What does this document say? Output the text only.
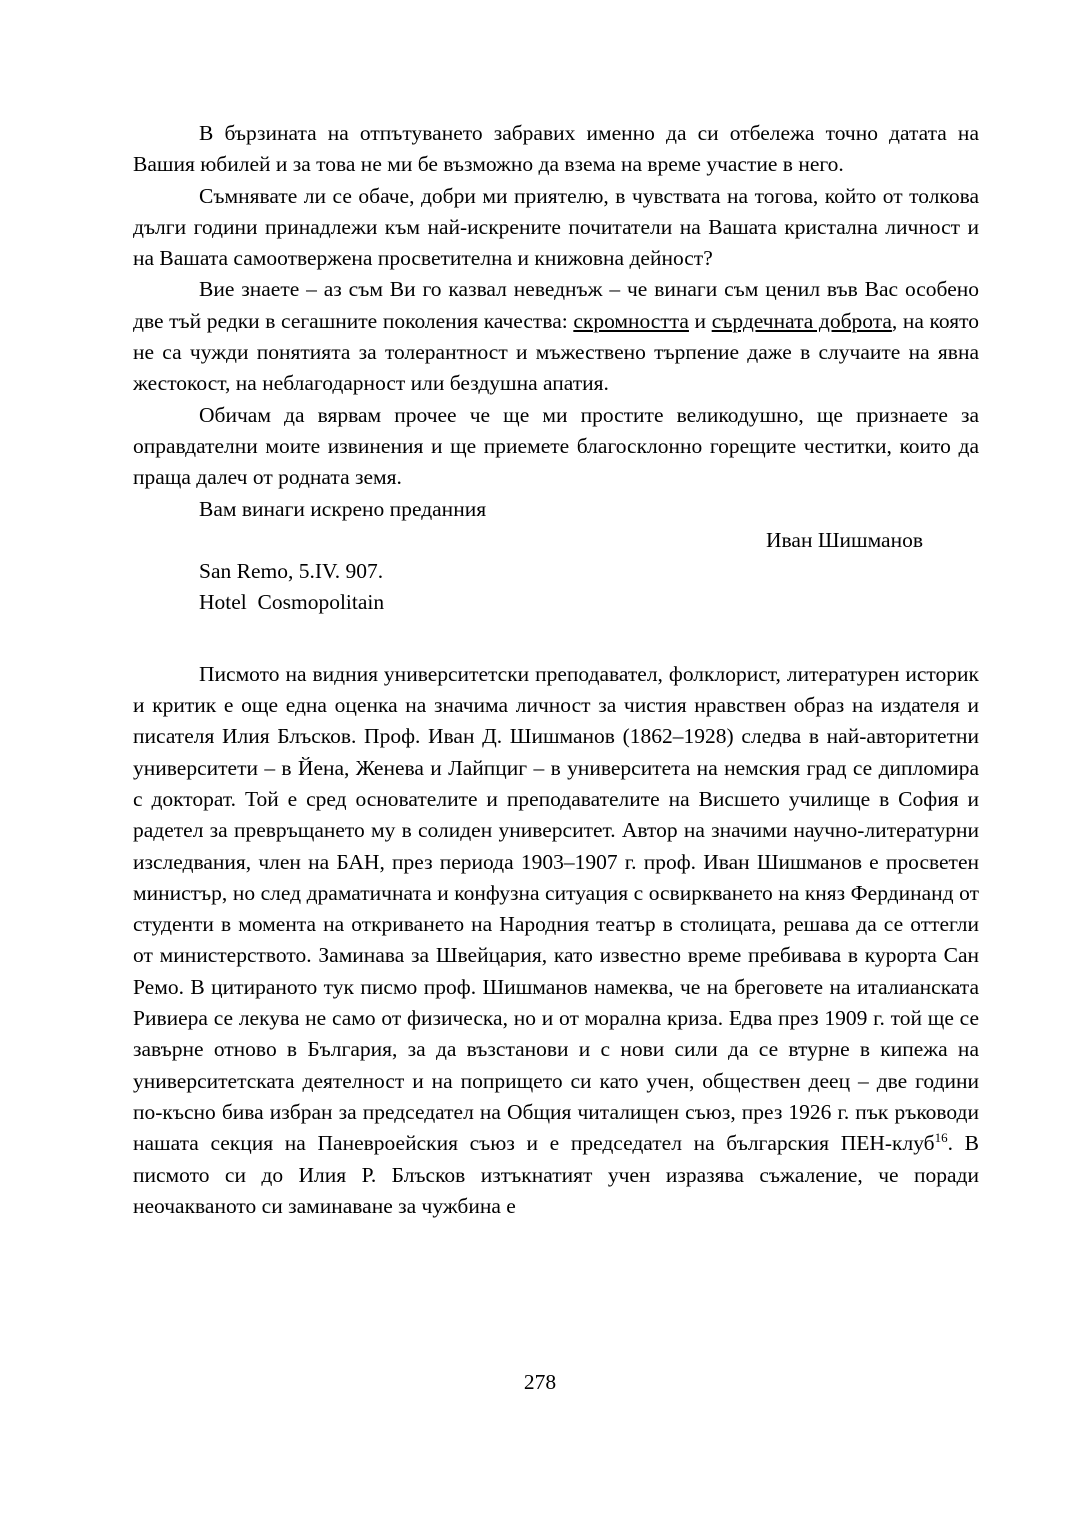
В бързината на отпътуването забравих именно да си отбележа точно датата на Вашия юбилей и за това не ми бе възможно да взема на време участие в него.

Съмнявате ли се обаче, добри ми приятелю, в чувствата на тогова, който от толкова дълги години принадлежи към най-искрените почитатели на Вашата кристална личност и на Вашата самоотвержена просветителна и книжовна дейност?

Вие знаете – аз съм Ви го казвал неведнъж – че винаги съм ценил във Вас особено две тъй редки в сегашните поколения качества: скромността и сърдечната доброта, на която не са чужди понятията за толерантност и мъжествено търпение даже в случаите на явна жестокост, на неблагодарност или бездушна апатия.

Обичам да вярвам прочее че ще ми простите великодушно, ще признаете за оправдателни моите извинения и ще приемете благосклонно горещите честитки, които да праща далеч от родната земя.

Вам винаги искрено преданния
Иван Шишманов
San Remo, 5.IV. 907.
Hotel  Cosmopolitain

Писмото на видния университетски преподавател, фолклорист, литературен историк и критик е още една оценка на значима личност за чистия нравствен образ на издателя и писателя Илия Блъсков. Проф. Иван Д. Шишманов (1862–1928) следва в най-авторитетни университети – в Йена, Женева и Лайпциг – в университета на немския град се дипломира с докторат. Той е сред основателите и преподавателите на Висшето училище в София и радетел за превръщането му в солиден университет. Автор на значими научно-литературни изследвания, член на БАН, през периода 1903–1907 г. проф. Иван Шишманов е просветен министър, но след драматичната и конфузна ситуация с освиркването на княз Фердинанд от студенти в момента на откриването на Народния театър в столицата, решава да се оттегли от министерството. Заминава за Швейцария, като известно време пребивава в курорта Сан Ремо. В цитираното тук писмо проф. Шишманов намеква, че на бреговете на италианската Ривиера се лекува не само от физическа, но и от морална криза. Едва през 1909 г. той ще се завърне отново в България, за да възстанови и с нови сили да се втурне в кипежа на университетската деятелност и на попрището си като учен, обществен деец – две години по-късно бива избран за председател на Общия читалищен съюз, през 1926 г. пък ръководи нашата секция на Паневроейския съюз и е председател на българския ПЕН-клуб$^{16}$. В писмото си до Илия Р. Блъсков изтъкнатият учен изразява съжаление, че поради неочакваното си заминаване за чужбина е

278
